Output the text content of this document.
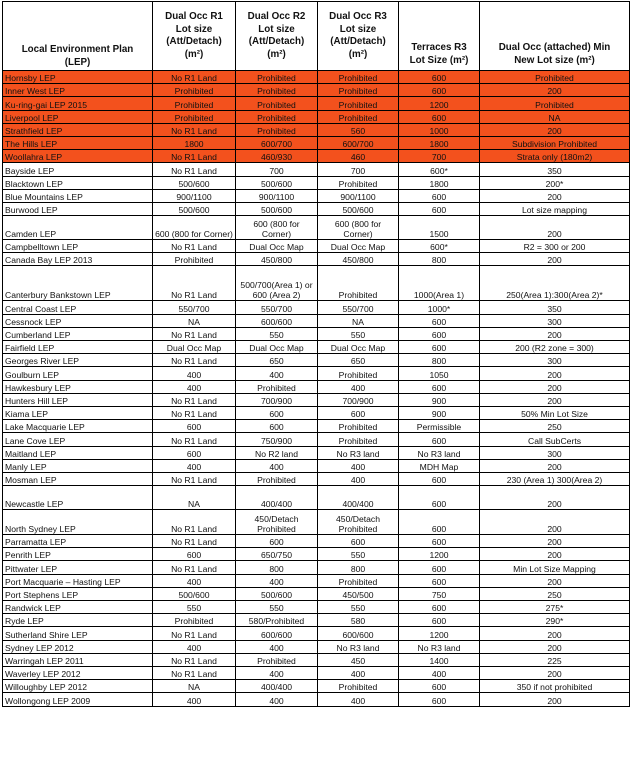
Local Environment Plan
(LEP)	Dual Occ R1
Lot size
(Att/Detach)
(m²)	Dual Occ R2
Lot size
(Att/Detach)
(m²)	Dual Occ R3
Lot size
(Att/Detach)
(m²)	Terraces R3
Lot Size (m²)	Dual Occ (attached) Min
New Lot size (m²)
Hornsby LEP	No R1 Land	Prohibited	Prohibited	600	Prohibited
Inner West LEP	Prohibited	Prohibited	Prohibited	600	200
Ku-ring-gai LEP 2015	Prohibited	Prohibited	Prohibited	1200	Prohibited
Liverpool LEP	Prohibited	Prohibited	Prohibited	600	NA
Strathfield LEP	No R1 Land	Prohibited	560	1000	200
The Hills LEP	1800	600/700	600/700	1800	Subdivision Prohibited
Woollahra LEP	No R1 Land	460/930	460	700	Strata only (180m2)
Bayside LEP	No R1 Land	700	700	600*	350
Blacktown LEP	500/600	500/600	Prohibited	1800	200*
Blue Mountains LEP	900/1100	900/1100	900/1100	600	200
Burwood LEP	500/600	500/600	500/600	600	Lot size mapping
Camden LEP	600 (800 for Corner)	600 (800 for Corner)	600 (800 for Corner)	1500	200
Campbelltown LEP	No R1 Land	Dual Occ Map	Dual Occ Map	600*	R2 = 300 or 200
Canada Bay LEP 2013	Prohibited	450/800	450/800	800	200
Canterbury Bankstown LEP	No R1 Land	500/700(Area 1) or 600 (Area 2)	Prohibited	1000(Area 1)	250(Area 1):300(Area 2)*
Central Coast LEP	550/700	550/700	550/700	1000*	350
Cessnock LEP	NA	600/600	NA	600	300
Cumberland LEP	No R1 Land	550	550	600	200
Fairfield LEP	Dual Occ Map	Dual Occ Map	Dual Occ Map	600	200 (R2 zone = 300)
Georges River LEP	No R1 Land	650	650	800	300
Goulburn LEP	400	400	Prohibited	1050	200
Hawkesbury LEP	400	Prohibited	400	600	200
Hunters Hill LEP	No R1 Land	700/900	700/900	900	200
Kiama LEP	No R1 Land	600	600	900	50% Min Lot Size
Lake Macquarie LEP	600	600	Prohibited	Permissible	250
Lane Cove LEP	No R1 Land	750/900	Prohibited	600	Call SubCerts
Maitland LEP	600	No R2 land	No R3 land	No R3 land	300
Manly LEP	400	400	400	MDH Map	200
Mosman LEP	No R1 Land	Prohibited	400	600	230 (Area 1) 300(Area 2)
Newcastle LEP	NA	400/400	400/400	600	200
North Sydney LEP	No R1 Land	450/Detach Prohibited	450/Detach Prohibited	600	200
Parramatta LEP	No R1 Land	600	600	600	200
Penrith LEP	600	650/750	550	1200	200
Pittwater LEP	No R1 Land	800	800	600	Min Lot Size Mapping
Port Macquarie – Hasting LEP	400	400	Prohibited	600	200
Port Stephens LEP	500/600	500/600	450/500	750	250
Randwick LEP	550	550	550	600	275*
Ryde LEP	Prohibited	580/Prohibited	580	600	290*
Sutherland Shire LEP	No R1 Land	600/600	600/600	1200	200
Sydney LEP 2012	400	400	No R3 land	No R3 land	200
Warringah LEP 2011	No R1 Land	Prohibited	450	1400	225
Waverley LEP 2012	No R1 Land	400	400	400	200
Willoughby LEP 2012	NA	400/400	Prohibited	600	350 if not prohibited
Wollongong LEP 2009	400	400	400	600	200
